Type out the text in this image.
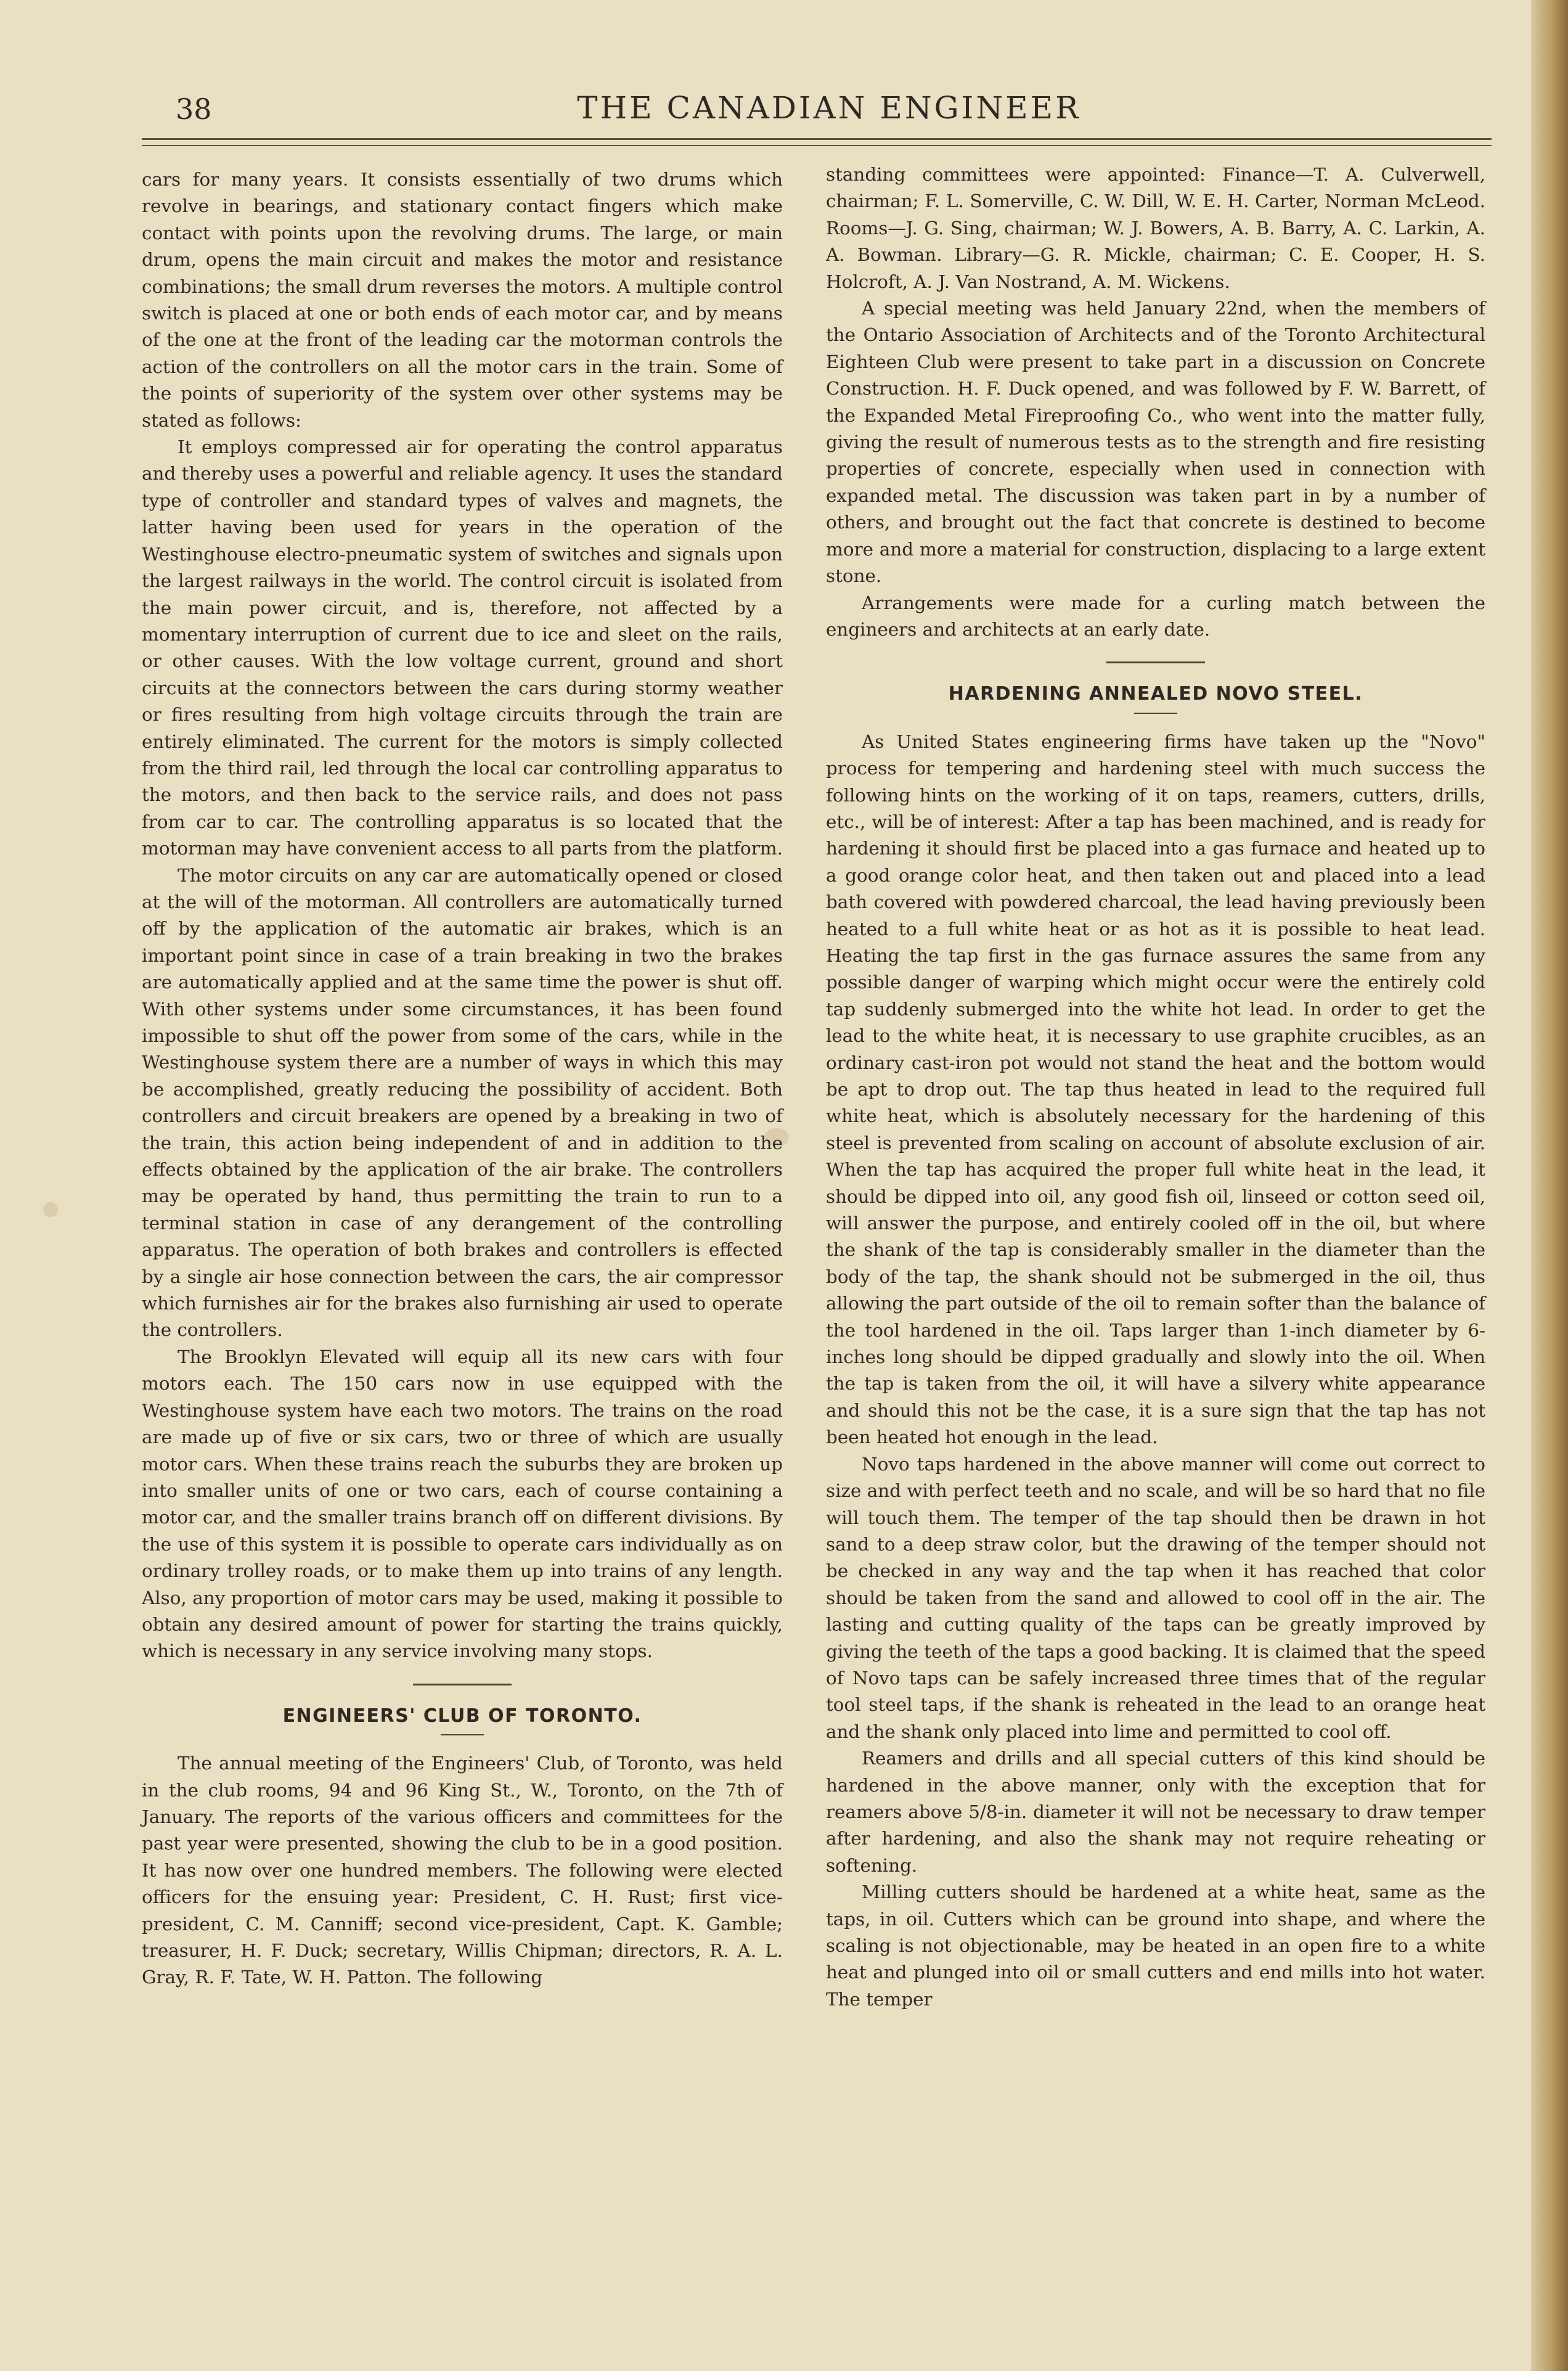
38	THE CANADIAN ENGINEER

cars for many years. It consists essentially of two drums which revolve in bearings, and stationary contact fingers which make contact with points upon the revolving drums. The large, or main drum, opens the main circuit and makes the motor and resistance combinations; the small drum reverses the motors. A multiple control switch is placed at one or both ends of each motor car, and by means of the one at the front of the leading car the motorman controls the action of the controllers on all the motor cars in the train. Some of the points of superiority of the system over other systems may be stated as follows:

It employs compressed air for operating the control apparatus and thereby uses a powerful and reliable agency. It uses the standard type of controller and standard types of valves and magnets, the latter having been used for years in the operation of the Westinghouse electro-pneumatic system of switches and signals upon the largest railways in the world. The control circuit is isolated from the main power circuit, and is, therefore, not affected by a momentary interruption of current due to ice and sleet on the rails, or other causes. With the low voltage current, ground and short circuits at the connectors between the cars during stormy weather or fires resulting from high voltage circuits through the train are entirely eliminated. The current for the motors is simply collected from the third rail, led through the local car controlling apparatus to the motors, and then back to the service rails, and does not pass from car to car. The controlling apparatus is so located that the motorman may have convenient access to all parts from the platform.

The motor circuits on any car are automatically opened or closed at the will of the motorman. All controllers are automatically turned off by the application of the automatic air brakes, which is an important point since in case of a train breaking in two the brakes are automatically applied and at the same time the power is shut off. With other systems under some circumstances, it has been found impossible to shut off the power from some of the cars, while in the Westinghouse system there are a number of ways in which this may be accomplished, greatly reducing the possibility of accident. Both controllers and circuit breakers are opened by a breaking in two of the train, this action being independent of and in addition to the effects obtained by the application of the air brake. The controllers may be operated by hand, thus permitting the train to run to a terminal station in case of any derangement of the controlling apparatus. The operation of both brakes and controllers is effected by a single air hose connection between the cars, the air compressor which furnishes air for the brakes also furnishing air used to operate the controllers.

The Brooklyn Elevated will equip all its new cars with four motors each. The 150 cars now in use equipped with the Westinghouse system have each two motors. The trains on the road are made up of five or six cars, two or three of which are usually motor cars. When these trains reach the suburbs they are broken up into smaller units of one or two cars, each of course containing a motor car, and the smaller trains branch off on different divisions. By the use of this system it is possible to operate cars individually as on ordinary trolley roads, or to make them up into trains of any length. Also, any proportion of motor cars may be used, making it possible to obtain any desired amount of power for starting the trains quickly, which is necessary in any service involving many stops.

ENGINEERS' CLUB OF TORONTO.

The annual meeting of the Engineers' Club, of Toronto, was held in the club rooms, 94 and 96 King St., W., Toronto, on the 7th of January. The reports of the various officers and committees for the past year were presented, showing the club to be in a good position. It has now over one hundred members. The following were elected officers for the ensuing year: President, C. H. Rust; first vice-president, C. M. Canniff; second vice-president, Capt. K. Gamble; treasurer, H. F. Duck; secretary, Willis Chipman; directors, R. A. L. Gray, R. F. Tate, W. H. Patton. The following

standing committees were appointed: Finance—T. A. Culverwell, chairman; F. L. Somerville, C. W. Dill, W. E. H. Carter, Norman McLeod. Rooms—J. G. Sing, chairman; W. J. Bowers, A. B. Barry, A. C. Larkin, A. A. Bowman. Library—G. R. Mickle, chairman; C. E. Cooper, H. S. Holcroft, A. J. Van Nostrand, A. M. Wickens.

A special meeting was held January 22nd, when the members of the Ontario Association of Architects and of the Toronto Architectural Eighteen Club were present to take part in a discussion on Concrete Construction. H. F. Duck opened, and was followed by F. W. Barrett, of the Expanded Metal Fireproofing Co., who went into the matter fully, giving the result of numerous tests as to the strength and fire resisting properties of concrete, especially when used in connection with expanded metal. The discussion was taken part in by a number of others, and brought out the fact that concrete is destined to become more and more a material for construction, displacing to a large extent stone.

Arrangements were made for a curling match between the engineers and architects at an early date.

HARDENING ANNEALED NOVO STEEL.

As United States engineering firms have taken up the "Novo" process for tempering and hardening steel with much success the following hints on the working of it on taps, reamers, cutters, drills, etc., will be of interest: After a tap has been machined, and is ready for hardening it should first be placed into a gas furnace and heated up to a good orange color heat, and then taken out and placed into a lead bath covered with powdered charcoal, the lead having previously been heated to a full white heat or as hot as it is possible to heat lead. Heating the tap first in the gas furnace assures the same from any possible danger of warping which might occur were the entirely cold tap suddenly submerged into the white hot lead. In order to get the lead to the white heat, it is necessary to use graphite crucibles, as an ordinary cast-iron pot would not stand the heat and the bottom would be apt to drop out. The tap thus heated in lead to the required full white heat, which is absolutely necessary for the hardening of this steel is prevented from scaling on account of absolute exclusion of air. When the tap has acquired the proper full white heat in the lead, it should be dipped into oil, any good fish oil, linseed or cotton seed oil, will answer the purpose, and entirely cooled off in the oil, but where the shank of the tap is considerably smaller in the diameter than the body of the tap, the shank should not be submerged in the oil, thus allowing the part outside of the oil to remain softer than the balance of the tool hardened in the oil. Taps larger than 1-inch diameter by 6-inches long should be dipped gradually and slowly into the oil. When the tap is taken from the oil, it will have a silvery white appearance and should this not be the case, it is a sure sign that the tap has not been heated hot enough in the lead.

Novo taps hardened in the above manner will come out correct to size and with perfect teeth and no scale, and will be so hard that no file will touch them. The temper of the tap should then be drawn in hot sand to a deep straw color, but the drawing of the temper should not be checked in any way and the tap when it has reached that color should be taken from the sand and allowed to cool off in the air. The lasting and cutting quality of the taps can be greatly improved by giving the teeth of the taps a good backing. It is claimed that the speed of Novo taps can be safely increased three times that of the regular tool steel taps, if the shank is reheated in the lead to an orange heat and the shank only placed into lime and permitted to cool off.

Reamers and drills and all special cutters of this kind should be hardened in the above manner, only with the exception that for reamers above 5/8-in. diameter it will not be necessary to draw temper after hardening, and also the shank may not require reheating or softening.

Milling cutters should be hardened at a white heat, same as the taps, in oil. Cutters which can be ground into shape, and where the scaling is not objectionable, may be heated in an open fire to a white heat and plunged into oil or small cutters and end mills into hot water. The temper
